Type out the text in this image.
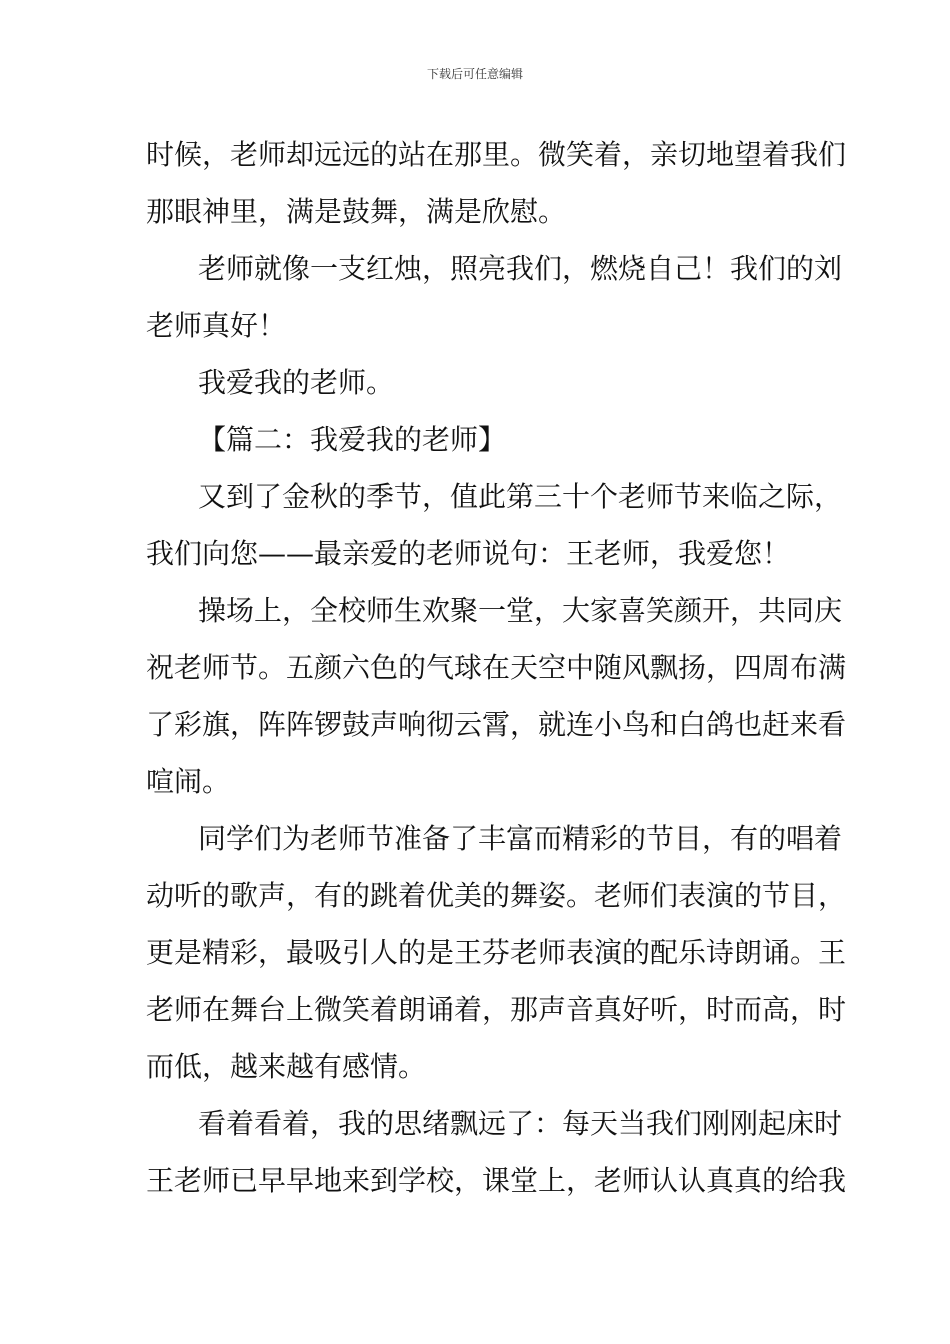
下载后可任意编辑
时候，老师却远远的站在那里。微笑着，亲切地望着我们
那眼神里，满是鼓舞，满是欣慰。
老师就像一支红烛，照亮我们，燃烧自己！我们的刘
老师真好！
我爱我的老师。
【篇二：我爱我的老师】
又到了金秋的季节，值此第三十个老师节来临之际，
我们向您——最亲爱的老师说句：王老师，我爱您！
操场上，全校师生欢聚一堂，大家喜笑颜开，共同庆
祝老师节。五颜六色的气球在天空中随风飘扬，四周布满
了彩旗，阵阵锣鼓声响彻云霄，就连小鸟和白鸽也赶来看
喧闹。
同学们为老师节准备了丰富而精彩的节目，有的唱着
动听的歌声，有的跳着优美的舞姿。老师们表演的节目，
更是精彩，最吸引人的是王芬老师表演的配乐诗朗诵。王
老师在舞台上微笑着朗诵着，那声音真好听，时而高，时
而低，越来越有感情。
看着看着，我的思绪飘远了：每天当我们刚刚起床时
王老师已早早地来到学校，课堂上，老师认认真真的给我
